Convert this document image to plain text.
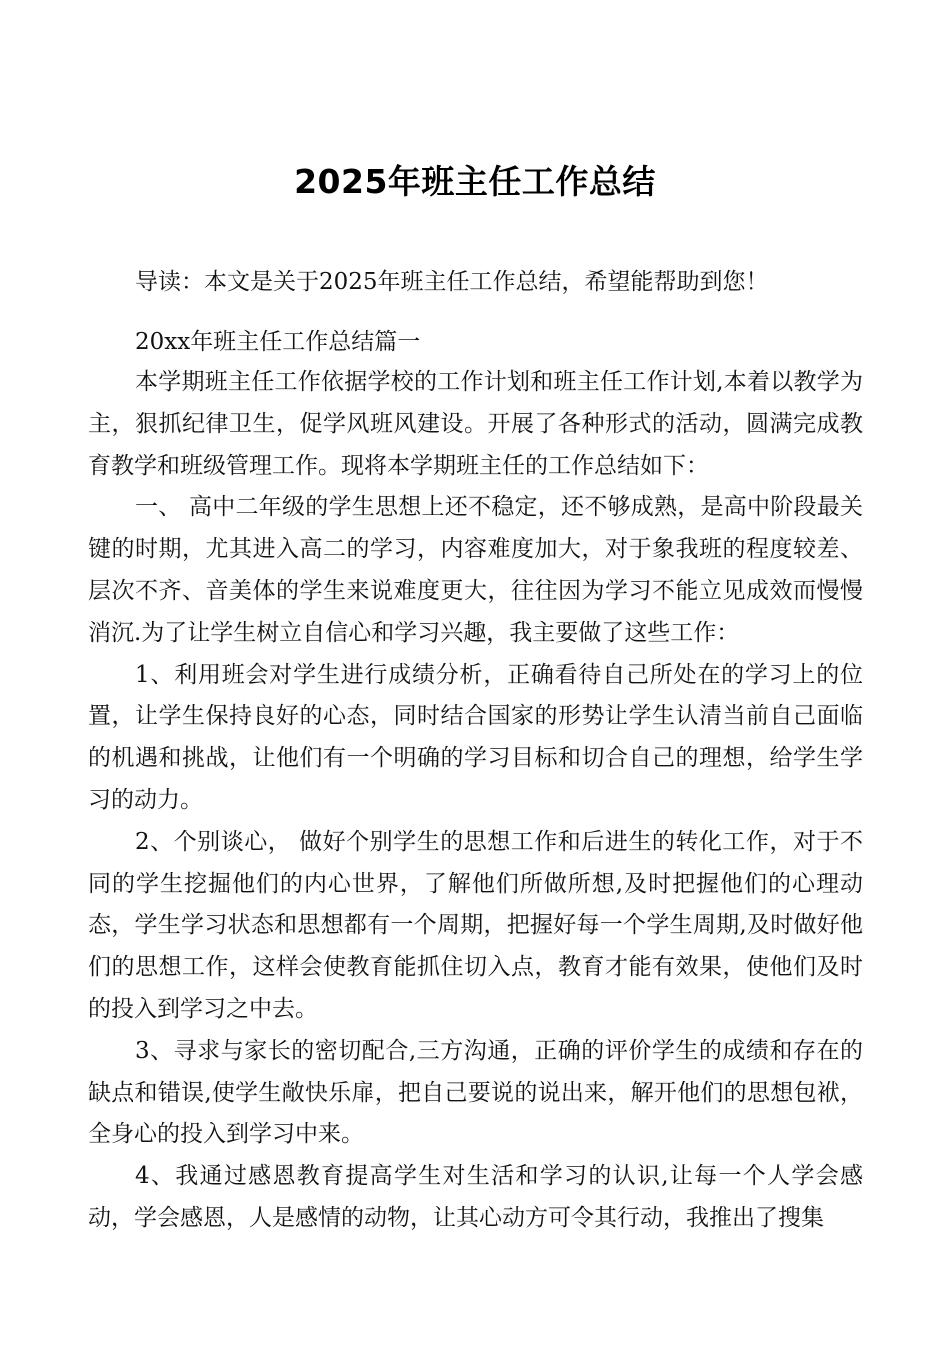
2025年班主任工作总结

导读：本文是关于2025年班主任工作总结，希望能帮助到您！

20xx年班主任工作总结篇一

本学期班主任工作依据学校的工作计划和班主任工作计划,本着以教学为主，狠抓纪律卫生，促学风班风建设。开展了各种形式的活动，圆满完成教育教学和班级管理工作。现将本学期班主任的工作总结如下：

一、 高中二年级的学生思想上还不稳定，还不够成熟，是高中阶段最关键的时期，尤其进入高二的学习，内容难度加大，对于象我班的程度较差、层次不齐、音美体的学生来说难度更大，往往因为学习不能立见成效而慢慢消沉.为了让学生树立自信心和学习兴趣，我主要做了这些工作：

1、利用班会对学生进行成绩分析，正确看待自己所处在的学习上的位置，让学生保持良好的心态，同时结合国家的形势让学生认清当前自己面临的机遇和挑战，让他们有一个明确的学习目标和切合自己的理想，给学生学习的动力。

2、个别谈心， 做好个别学生的思想工作和后进生的转化工作，对于不同的学生挖掘他们的内心世界，了解他们所做所想,及时把握他们的心理动态，学生学习状态和思想都有一个周期，把握好每一个学生周期,及时做好他们的思想工作，这样会使教育能抓住切入点，教育才能有效果，使他们及时的投入到学习之中去。

3、寻求与家长的密切配合,三方沟通，正确的评价学生的成绩和存在的缺点和错误,使学生敞快乐扉，把自己要说的说出来，解开他们的思想包袱，全身心的投入到学习中来。

4、我通过感恩教育提高学生对生活和学习的认识,让每一个人学会感动，学会感恩，人是感情的动物，让其心动方可令其行动，我推出了搜集
